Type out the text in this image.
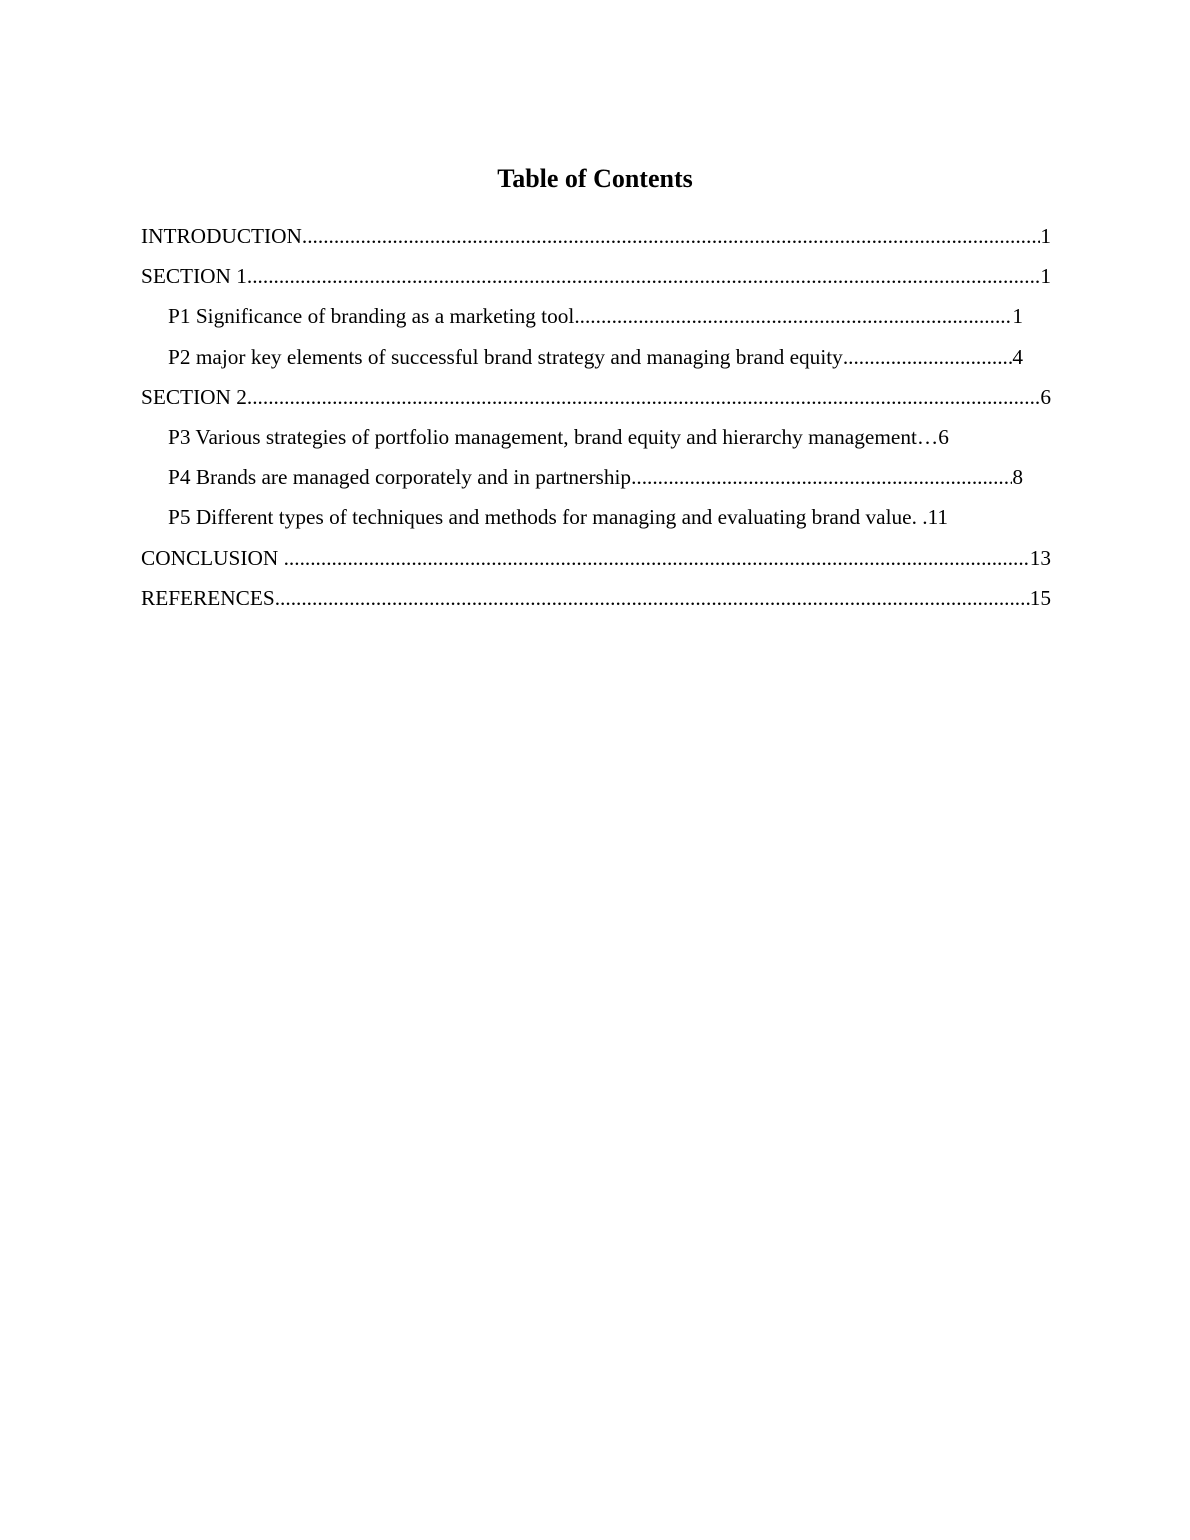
Table of Contents
INTRODUCTION .....	1
SECTION 1 .....	1
P1 Significance of branding as a marketing tool .....	1
P2 major key elements of successful brand strategy and managing brand equity .....	4
SECTION 2 .....	6
P3 Various strategies of portfolio management, brand equity and hierarchy management… 6
P4 Brands are managed corporately and in partnership .....	8
P5 Different types of techniques and methods for managing and evaluating brand value. . 11
CONCLUSION .....	13
REFERENCES .....	15
